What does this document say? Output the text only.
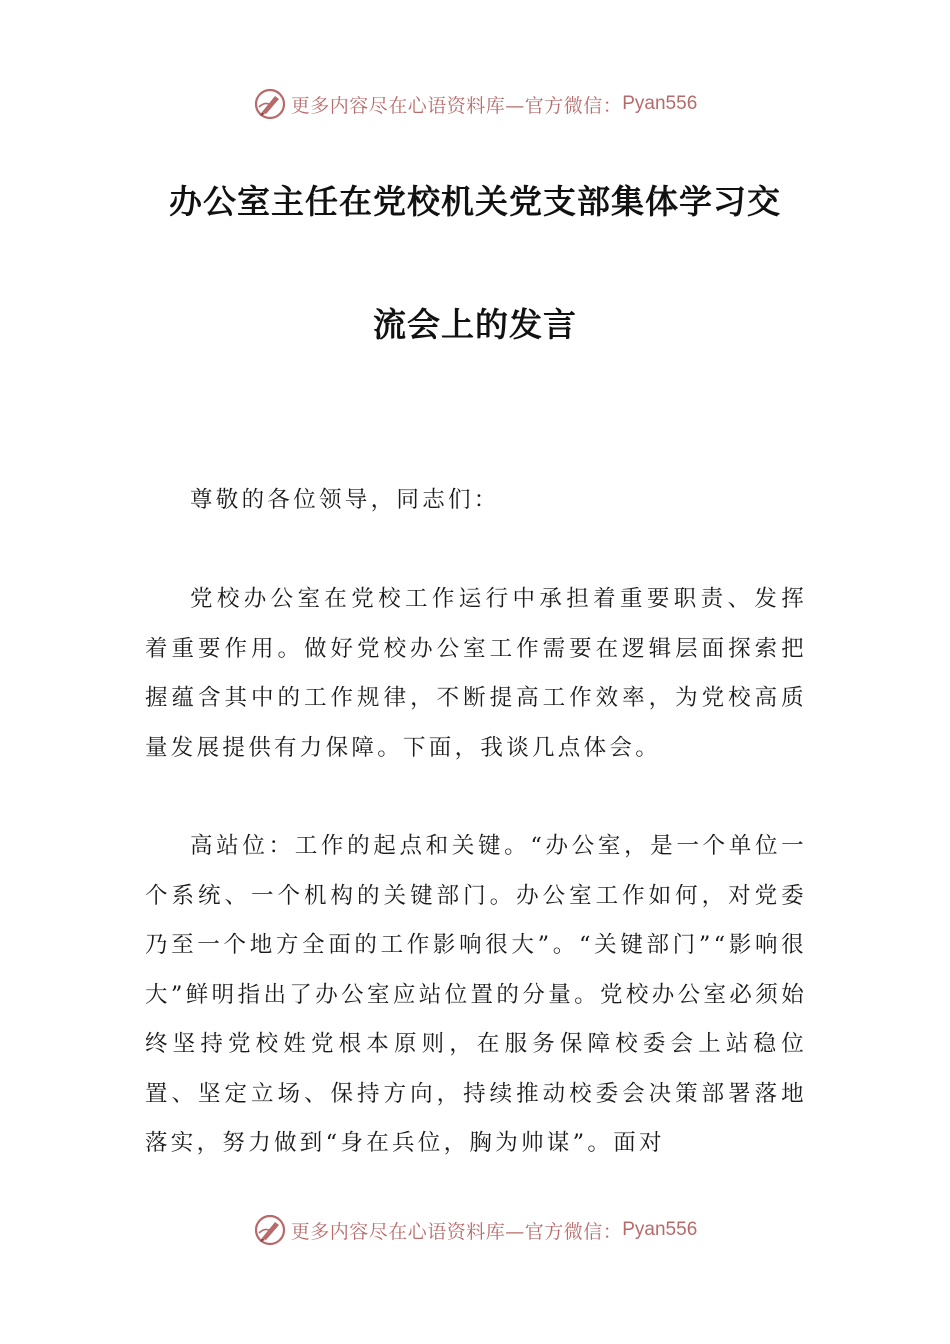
更多内容尽在心语资料库—官方微信： Pyan556
办公室主任在党校机关党支部集体学习交
流会上的发言

尊敬的各位领导，同志们：

党校办公室在党校工作运行中承担着重要职责、发挥着重要作用。做好党校办公室工作需要在逻辑层面探索把握蕴含其中的工作规律，不断提高工作效率，为党校高质量发展提供有力保障。下面，我谈几点体会。

高站位：工作的起点和关键。“办公室，是一个单位一个系统、一个机构的关键部门。办公室工作如何，对党委乃至一个地方全面的工作影响很大”。“关键部门”“影响很大”鲜明指出了办公室应站位置的分量。党校办公室必须始终坚持党校姓党根本原则，在服务保障校委会上站稳位置、坚定立场、保持方向，持续推动校委会决策部署落地落实，努力做到“身在兵位，胸为帅谋”。面对

更多内容尽在心语资料库—官方微信： Pyan556
